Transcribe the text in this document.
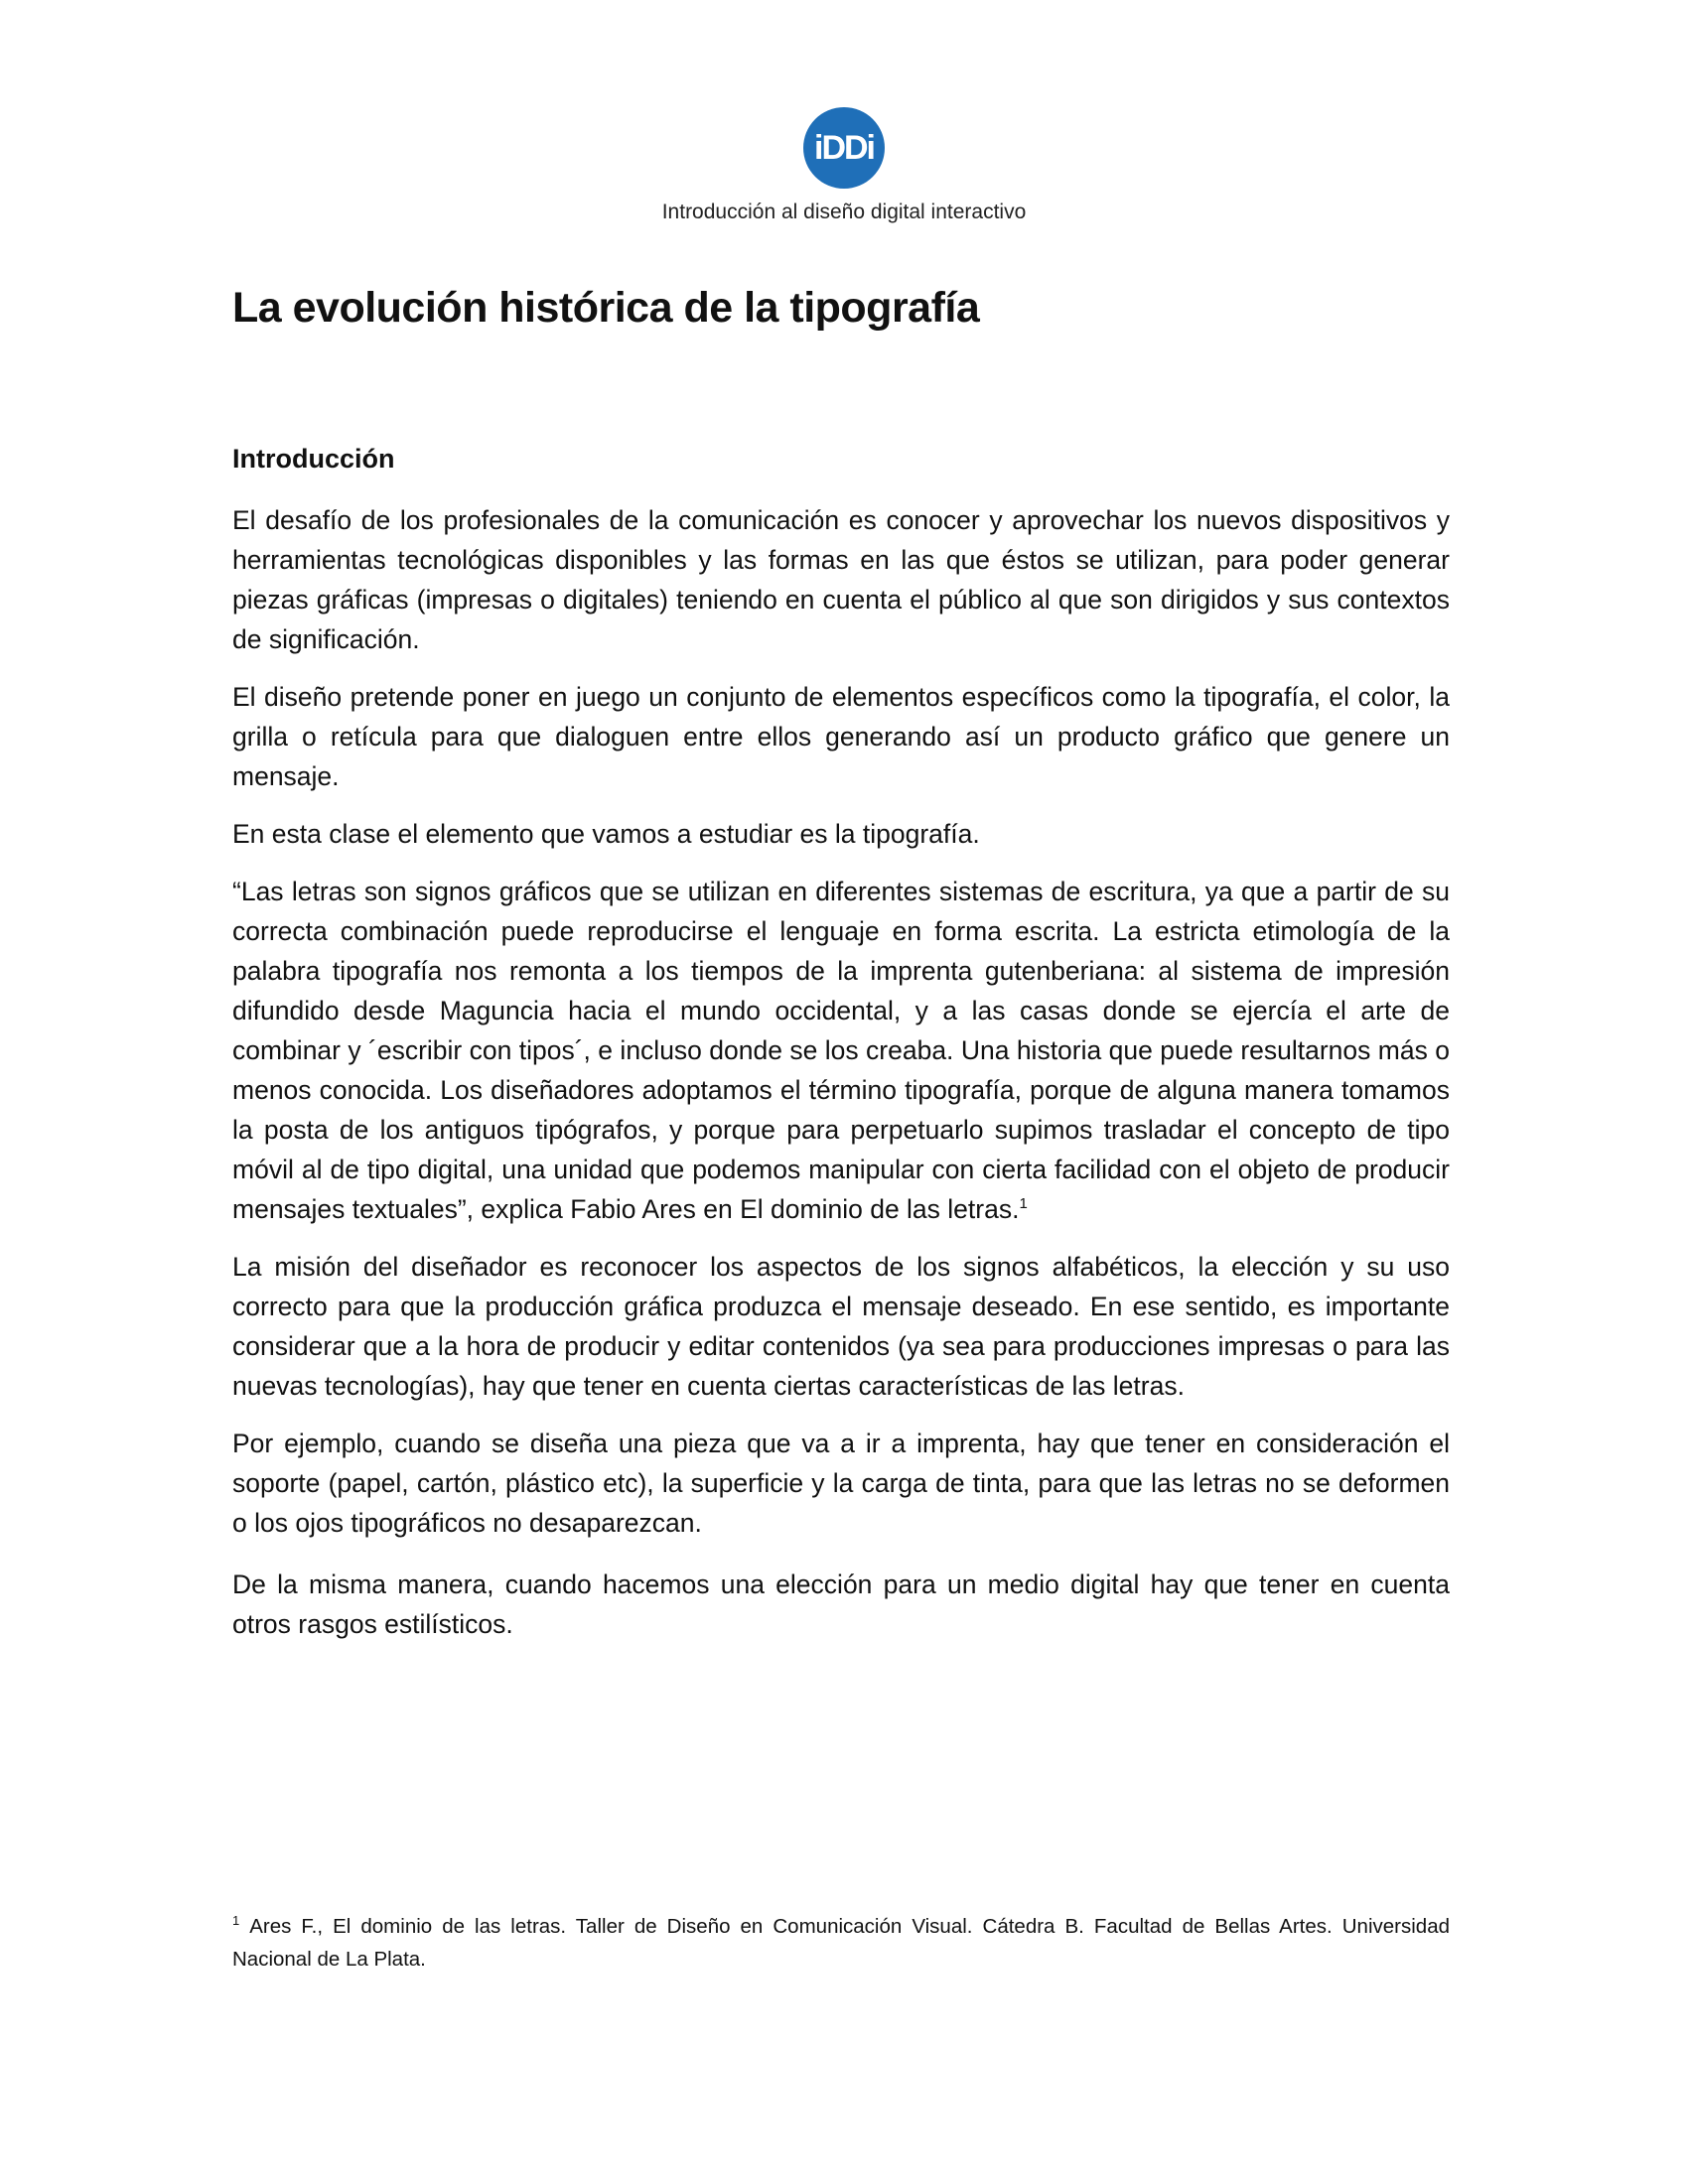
iDDi
Introducción al diseño digital interactivo
La evolución histórica de la tipografía
Introducción

El desafío de los profesionales de la comunicación es conocer y aprovechar los nuevos dispositivos y herramientas tecnológicas disponibles y las formas en las que éstos se utilizan, para poder generar piezas gráficas (impresas o digitales) teniendo en cuenta el público al que son dirigidos y sus contextos de significación.

El diseño pretende poner en juego un conjunto de elementos específicos como la tipografía, el color, la grilla o retícula para que dialoguen entre ellos generando así un producto gráfico que genere un mensaje.

En esta clase el elemento que vamos a estudiar es la tipografía.

“Las letras son signos gráficos que se utilizan en diferentes sistemas de escritura, ya que a partir de su correcta combinación puede reproducirse el lenguaje en forma escrita. La estricta etimología de la palabra tipografía nos remonta a los tiempos de la imprenta gutenberiana: al sistema de impresión difundido desde Maguncia hacia el mundo occidental, y a las casas donde se ejercía el arte de combinar y ´escribir con tipos´, e incluso donde se los creaba. Una historia que puede resultarnos más o menos conocida. Los diseñadores adoptamos el término tipografía, porque de alguna manera tomamos la posta de los antiguos tipógrafos, y porque para perpetuarlo supimos trasladar el concepto de tipo móvil al de tipo digital, una unidad que podemos manipular con cierta facilidad con el objeto de producir mensajes textuales”, explica Fabio Ares en El dominio de las letras.$^1$

La misión del diseñador es reconocer los aspectos de los signos alfabéticos, la elección y su uso correcto para que la producción gráfica produzca el mensaje deseado. En ese sentido, es importante considerar que a la hora de producir y editar contenidos (ya sea para producciones impresas o para las nuevas tecnologías), hay que tener en cuenta ciertas características de las letras.

Por ejemplo, cuando se diseña una pieza que va a ir a imprenta, hay que tener en consideración el soporte (papel, cartón, plástico etc), la superficie y la carga de tinta, para que las letras no se deformen o los ojos tipográficos no desaparezcan.

De la misma manera, cuando hacemos una elección para un medio digital hay que tener en cuenta otros rasgos estilísticos.

$^1$ Ares F., El dominio de las letras. Taller de Diseño en Comunicación Visual. Cátedra B. Facultad de Bellas Artes. Universidad Nacional de La Plata.
